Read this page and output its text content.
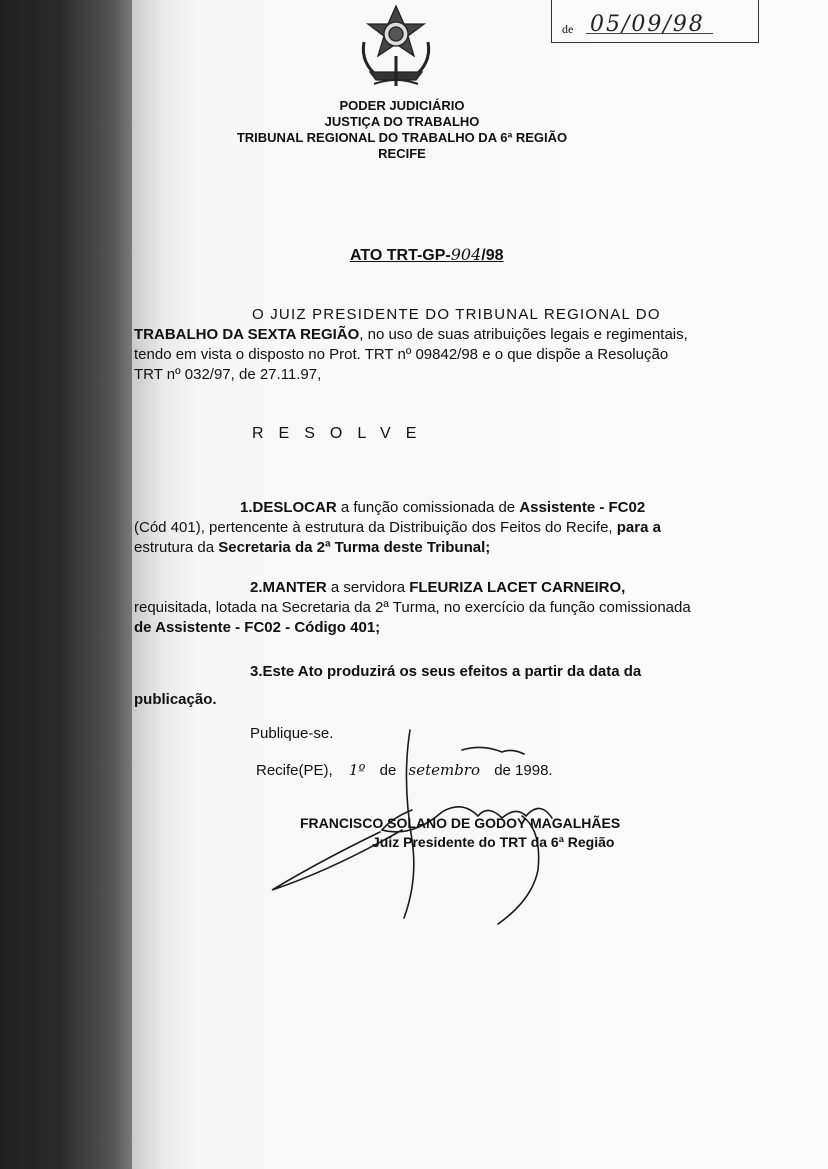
de 05/09/98
PODER JUDICIÁRIO
JUSTIÇA DO TRABALHO
TRIBUNAL REGIONAL DO TRABALHO DA 6ª REGIÃO
RECIFE
ATO TRT-GP-904/98
O JUIZ PRESIDENTE DO TRIBUNAL REGIONAL DO
TRABALHO DA SEXTA REGIÃO, no uso de suas atribuições legais e regimentais,
tendo em vista o disposto no Prot. TRT nº 09842/98 e o que dispõe a Resolução
TRT nº 032/97, de 27.11.97,
RESOLVE
1.DESLOCAR a função comissionada de Assistente - FC02
(Cód 401), pertencente à estrutura da Distribuição dos Feitos do Recife, para a
estrutura da Secretaria da 2ª Turma deste Tribunal;
2.MANTER a servidora FLEURIZA LACET CARNEIRO,
requisitada, lotada na Secretaria da 2ª Turma, no exercício da função comissionada
de Assistente - FC02 - Código 401;
3.Este Ato produzirá os seus efeitos a partir da data da
publicação.
Publique-se.
Recife(PE), 1º de setembro de 1998.
FRANCISCO SOLANO DE GODOY MAGALHÃES
Juiz Presidente do TRT da 6ª Região
